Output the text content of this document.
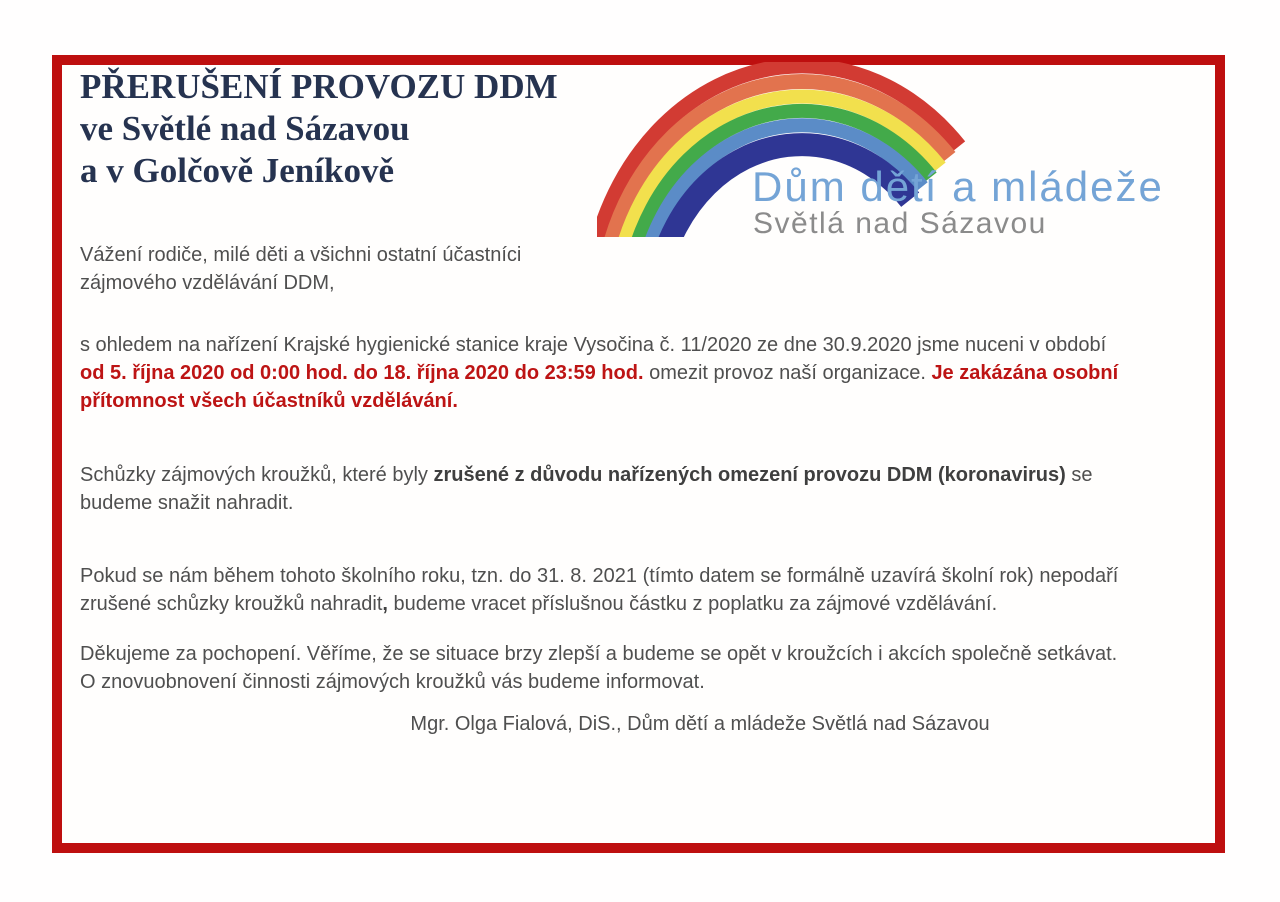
PŘERUŠENÍ PROVOZU DDM
ve Světlé nad Sázavou
a v Golčově Jeníkově	Dům dětí a mládeže
Světlá nad Sázavou
Vážení rodiče, milé děti a všichni ostatní účastníci
zájmového vzdělávání DDM,
s ohledem na nařízení Krajské hygienické stanice kraje Vysočina č. 11/2020 ze dne 30.9.2020 jsme nuceni v období
od 5. října 2020 od 0:00 hod. do 18. října 2020 do 23:59 hod. omezit provoz naší organizace. Je zakázána osobní
přítomnost všech účastníků vzdělávání.
Schůzky zájmových kroužků, které byly zrušené z důvodu nařízených omezení provozu DDM (koronavirus) se
budeme snažit nahradit.
Pokud se nám během tohoto školního roku, tzn. do 31. 8. 2021 (tímto datem se formálně uzavírá školní rok) nepodaří
zrušené schůzky kroužků nahradit, budeme vracet příslušnou částku z poplatku za zájmové vzdělávání.
Děkujeme za pochopení. Věříme, že se situace brzy zlepší a budeme se opět v kroužcích i akcích společně setkávat.
O znovuobnovení činnosti zájmových kroužků vás budeme informovat.
Mgr. Olga Fialová, DiS., Dům dětí a mládeže Světlá nad Sázavou
